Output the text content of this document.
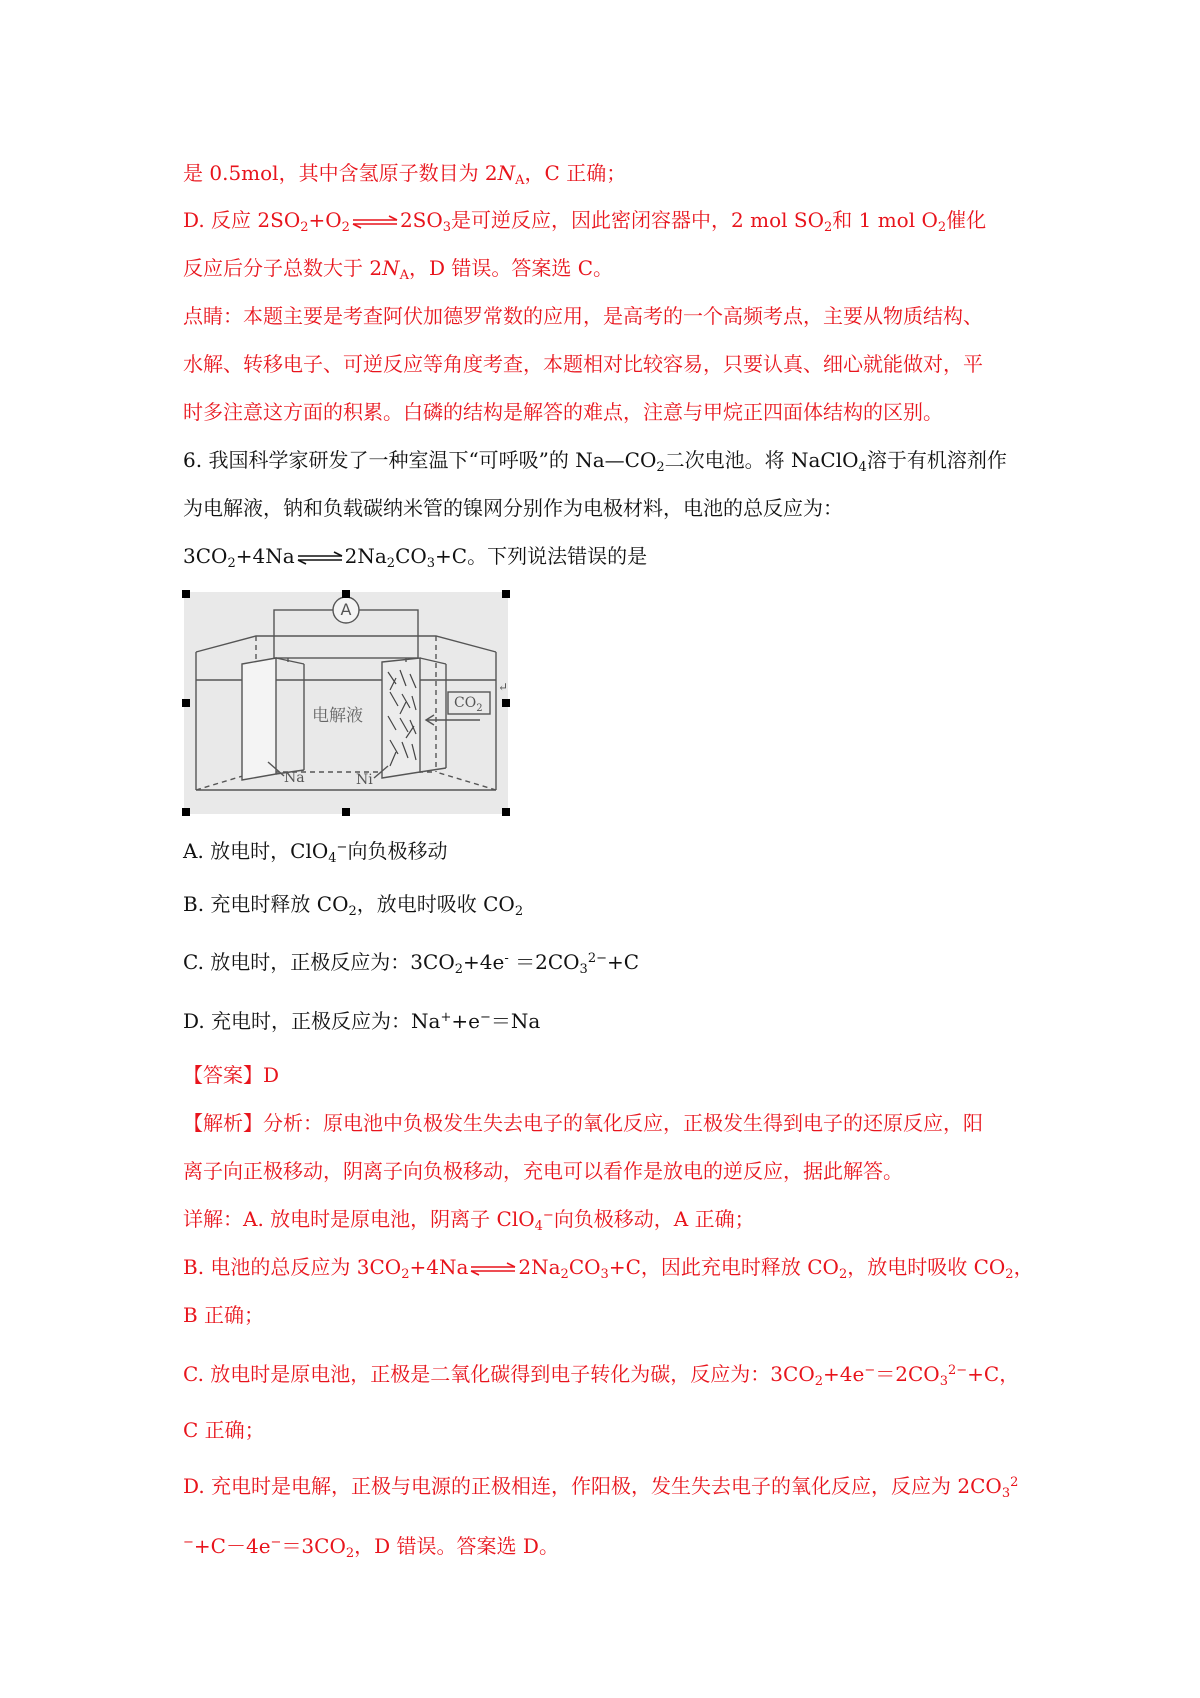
是 0.5mol，其中含氢原子数目为 $2N_A$，C 正确；
D. 反应 $2SO_2+O_2$	$2SO_3$是可逆反应，因此密闭容器中，2 mol $SO_2$和 1 mol $O_2$催化
反应后分子总数大于 $2N_A$，D 错误。答案选 C。
点睛：本题主要是考查阿伏加德罗常数的应用，是高考的一个高频考点，主要从物质结构、
水解、转移电子、可逆反应等角度考查，本题相对比较容易，只要认真、细心就能做对，平
时多注意这方面的积累。白磷的结构是解答的难点，注意与甲烷正四面体结构的区别。
6. 我国科学家研发了一种室温下“可呼吸”的 $Na—CO_2$二次电池。将 NaClO$_4$溶于有机溶剂作
为电解液，钠和负载碳纳米管的镍网分别作为电极材料，电池的总反应为：
$3CO_2+4Na$	$2Na_2CO_3+C$。下列说法错误的是
A
电解液
Na	Ni
$CO_2$
↵
A. 放电时，ClO$_4$−向负极移动
B. 充电时释放 $CO_2$，放电时吸收 $CO_2$
C. 放电时，正极反应为：$3CO_2+4e^- =2CO_3^{2-}+C$
D. 充电时，正极反应为：Na++e−＝Na
【答案】D
【解析】分析：原电池中负极发生失去电子的氧化反应，正极发生得到电子的还原反应，阳
离子向正极移动，阴离子向负极移动，充电可以看作是放电的逆反应，据此解答。
详解：A. 放电时是原电池，阴离子 ClO$_4$−向负极移动，A 正确；
B. 电池的总反应为 $3CO_2+4Na$	$2Na_2CO_3+C$，因此充电时释放 $CO_2$，放电时吸收 $CO_2$，
B 正确；
C. 放电时是原电池，正极是二氧化碳得到电子转化为碳，反应为：$3CO_2+4e^-=2CO_3^{2-}+C$，
C 正确；
D. 充电时是电解，正极与电源的正极相连，作阳极，发生失去电子的氧化反应，反应为 $2CO_3^2$
$^-+C-4e^-=3CO_2$，D 错误。答案选 D。
